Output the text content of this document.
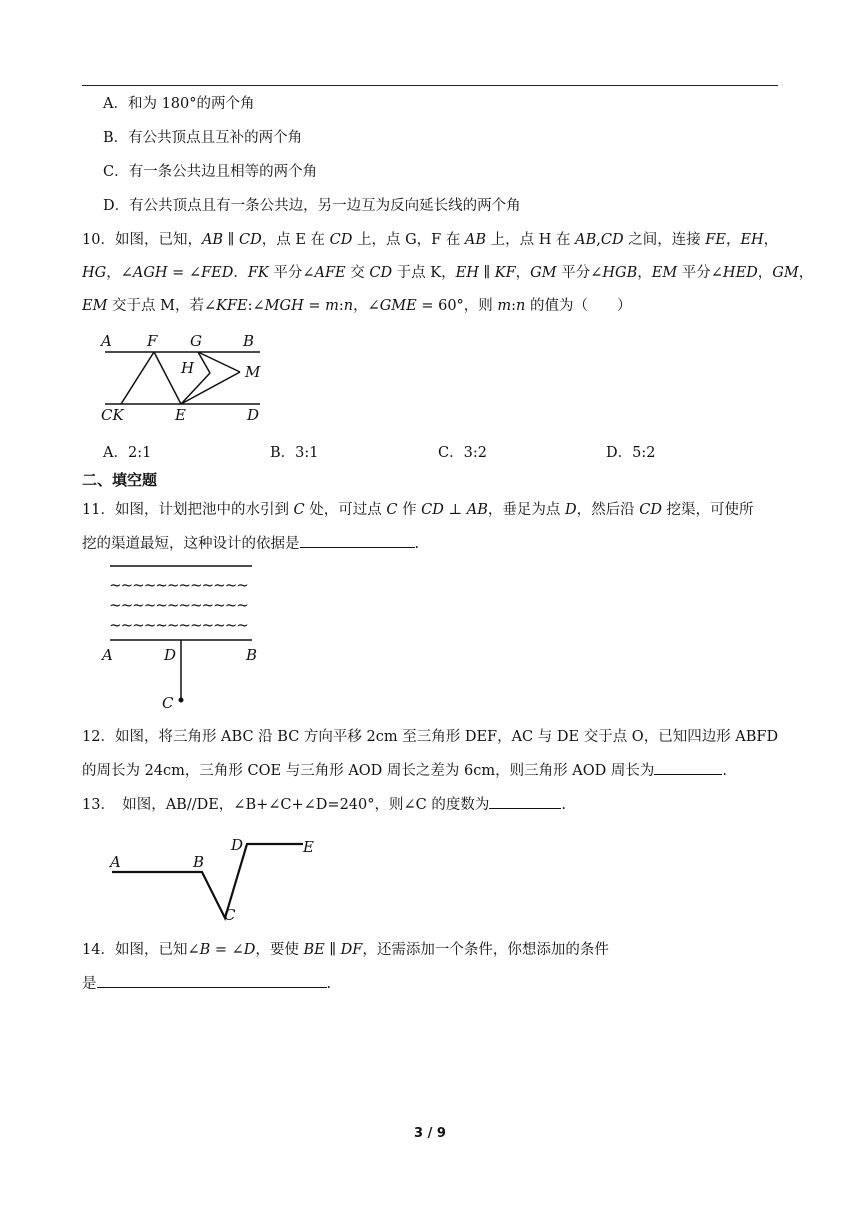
A．和为 180°的两个角
B．有公共顶点且互补的两个角
C．有一条公共边且相等的两个角
D．有公共顶点且有一条公共边，另一边互为反向延长线的两个角
10．如图，已知，𝐴𝐵 ∥ 𝐶𝐷，点 E 在 𝐶𝐷 上，点 G，F 在 𝐴𝐵 上，点 H 在 𝐴𝐵,𝐶𝐷 之间，连接 𝐹𝐸，𝐸𝐻，
𝐻𝐺，∠𝐴𝐺𝐻 = ∠𝐹𝐸𝐷．𝐹𝐾 平分∠𝐴𝐹𝐸 交 𝐶𝐷 于点 K，𝐸𝐻 ∥ 𝐾𝐹，𝐺𝑀 平分∠𝐻𝐺𝐵，𝐸𝑀 平分∠𝐻𝐸𝐷，𝐺𝑀，
𝐸𝑀 交于点 M，若∠𝐾𝐹𝐸:∠𝑀𝐺𝐻 = 𝑚:𝑛，∠𝐺𝑀𝐸 = 60°，则 𝑚:𝑛 的值为（　　）
A F G	B
H	M
CK	E	D
A．2:1	B．3:1	C．3:2	D．5:2
二、填空题
11．如图，计划把池中的水引到 𝐶 处，可过点 𝐶 作 𝐶𝐷 ⊥ 𝐴𝐵，垂足为点 𝐷，然后沿 𝐶𝐷 挖渠，可使所
挖的渠道最短，这种设计的依据是	.
~~~~~~~~~~~~
~~~~~~~~~~~~
~~~~~~~~~~~~
A	D	B
C
12．如图，将三角形 ABC 沿 BC 方向平移 2cm 至三角形 DEF，AC 与 DE 交于点 O，已知四边形 ABFD
的周长为 24cm，三角形 COE 与三角形 AOD 周长之差为 6cm，则三角形 AOD 周长为	.
13．　如图，AB//DE，∠B+∠C+∠D=240°，则∠C 的度数为	.
A	B
C
D	E
14．如图，已知∠𝐵 = ∠𝐷，要使 𝐵𝐸 ∥ 𝐷𝐹，还需添加一个条件，你想添加的条件
是	.
3 / 9
